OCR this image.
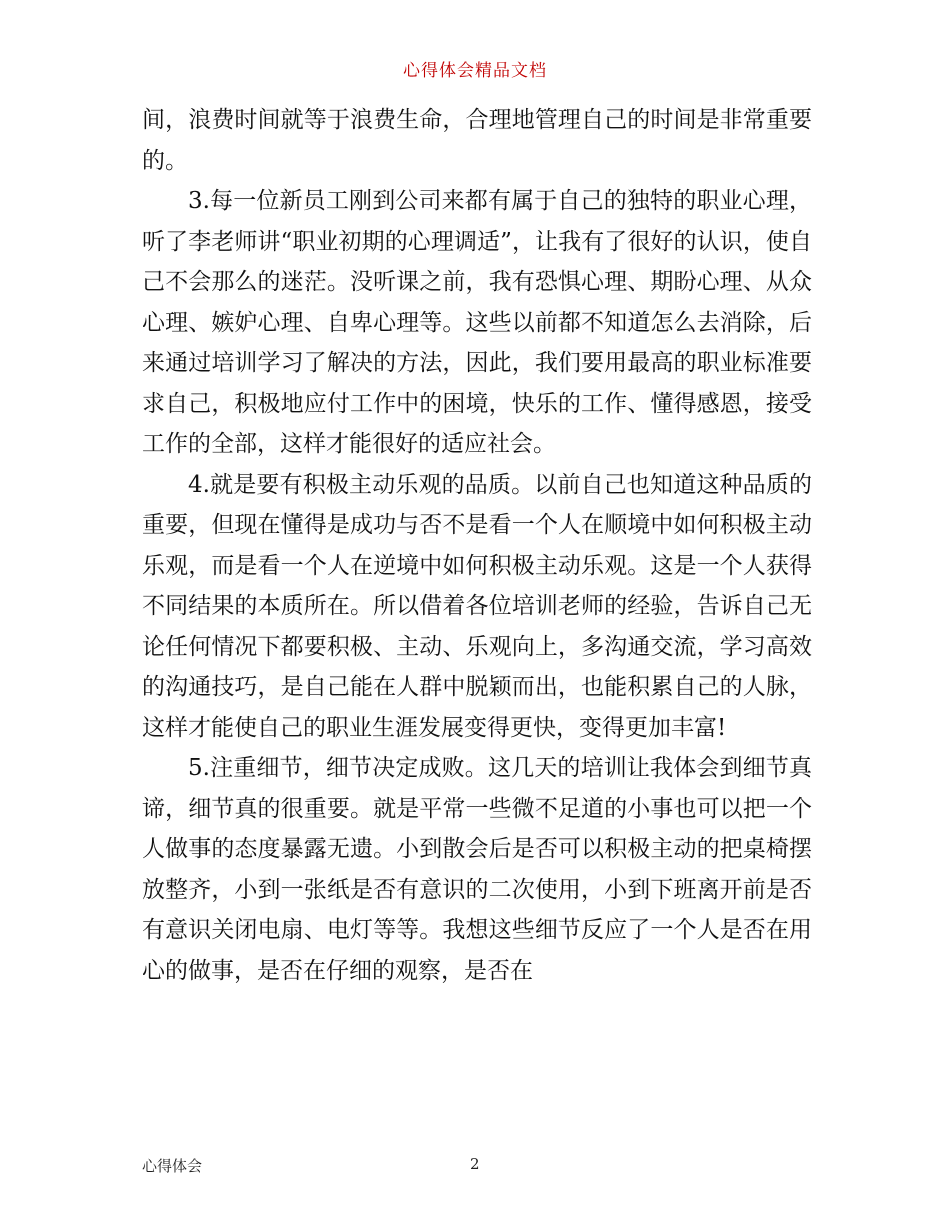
心得体会精品文档

间，浪费时间就等于浪费生命，合理地管理自己的时间是非常重要的。

3.每一位新员工刚到公司来都有属于自己的独特的职业心理，听了李老师讲“职业初期的心理调适”，让我有了很好的认识，使自己不会那么的迷茫。没听课之前，我有恐惧心理、期盼心理、从众心理、嫉妒心理、自卑心理等。这些以前都不知道怎么去消除，后来通过培训学习了解决的方法，因此，我们要用最高的职业标准要求自己，积极地应付工作中的困境，快乐的工作、懂得感恩，接受工作的全部，这样才能很好的适应社会。

4.就是要有积极主动乐观的品质。以前自己也知道这种品质的重要，但现在懂得是成功与否不是看一个人在顺境中如何积极主动乐观，而是看一个人在逆境中如何积极主动乐观。这是一个人获得不同结果的本质所在。所以借着各位培训老师的经验，告诉自己无论任何情况下都要积极、主动、乐观向上，多沟通交流，学习高效的沟通技巧，是自己能在人群中脱颖而出，也能积累自己的人脉，这样才能使自己的职业生涯发展变得更快，变得更加丰富!

5.注重细节，细节决定成败。这几天的培训让我体会到细节真谛，细节真的很重要。就是平常一些微不足道的小事也可以把一个人做事的态度暴露无遗。小到散会后是否可以积极主动的把桌椅摆放整齐，小到一张纸是否有意识的二次使用，小到下班离开前是否有意识关闭电扇、电灯等等。我想这些细节反应了一个人是否在用心的做事，是否在仔细的观察，是否在

心得体会	2
